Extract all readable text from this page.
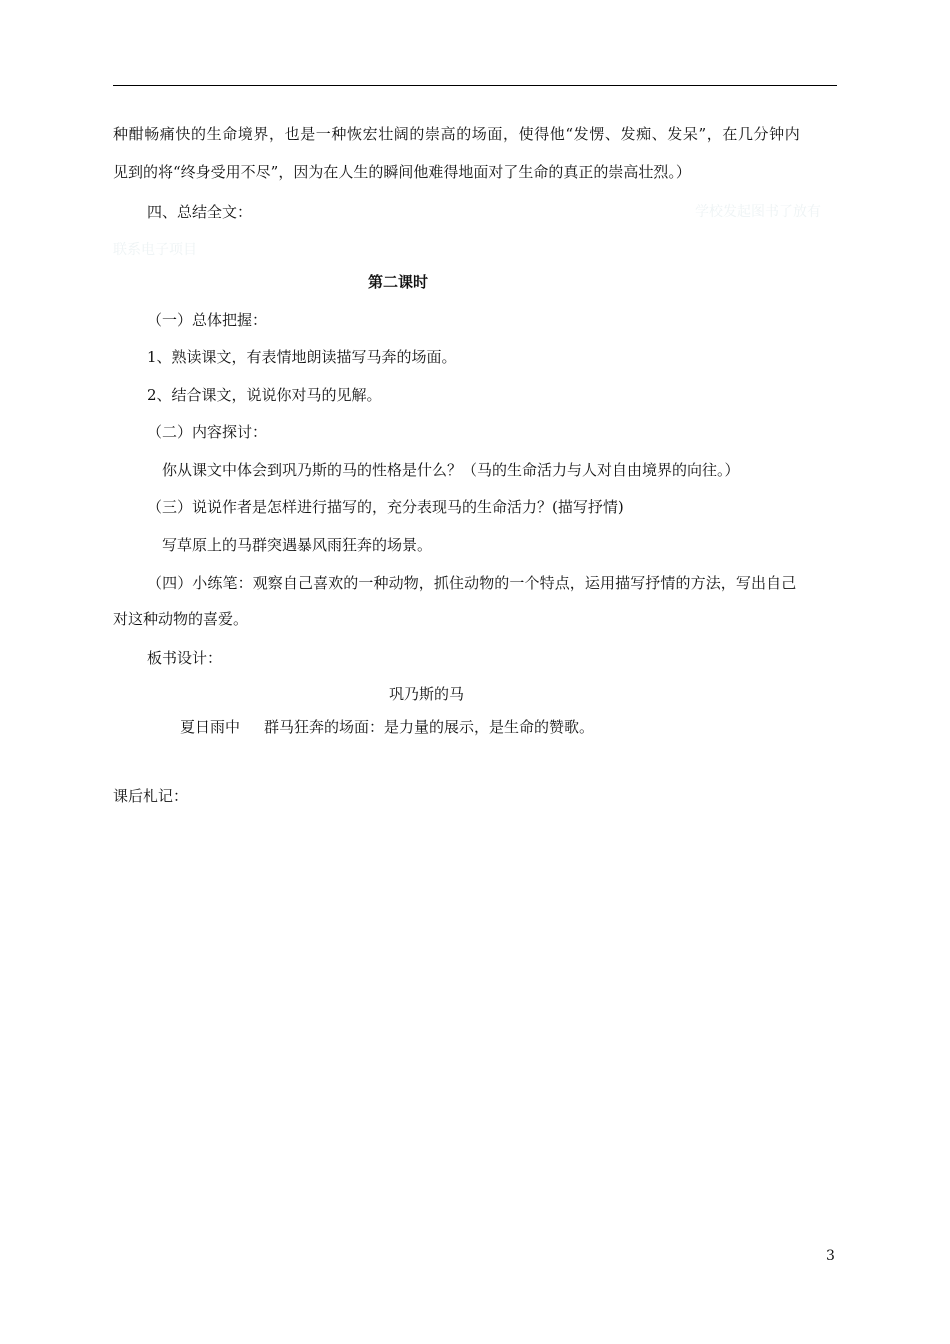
种酣畅痛快的生命境界，也是一种恢宏壮阔的崇高的场面，使得他“发愣、发痴、发呆”，在几分钟内
见到的将“终身受用不尽”，因为在人生的瞬间他难得地面对了生命的真正的崇高壮烈。）
四、总结全文：	学校发起图书了放有
联系电子项目
第二课时
（一）总体把握：
1、熟读课文，有表情地朗读描写马奔的场面。
2、结合课文，说说你对马的见解。
（二）内容探讨：
你从课文中体会到巩乃斯的马的性格是什么？（马的生命活力与人对自由境界的向往。）
（三）说说作者是怎样进行描写的，充分表现马的生命活力？(描写抒情)
写草原上的马群突遇暴风雨狂奔的场景。
（四）小练笔：观察自己喜欢的一种动物，抓住动物的一个特点，运用描写抒情的方法，写出自己
对这种动物的喜爱。
板书设计：
巩乃斯的马
夏日雨中 群马狂奔的场面：是力量的展示，是生命的赞歌。
课后札记：
3
